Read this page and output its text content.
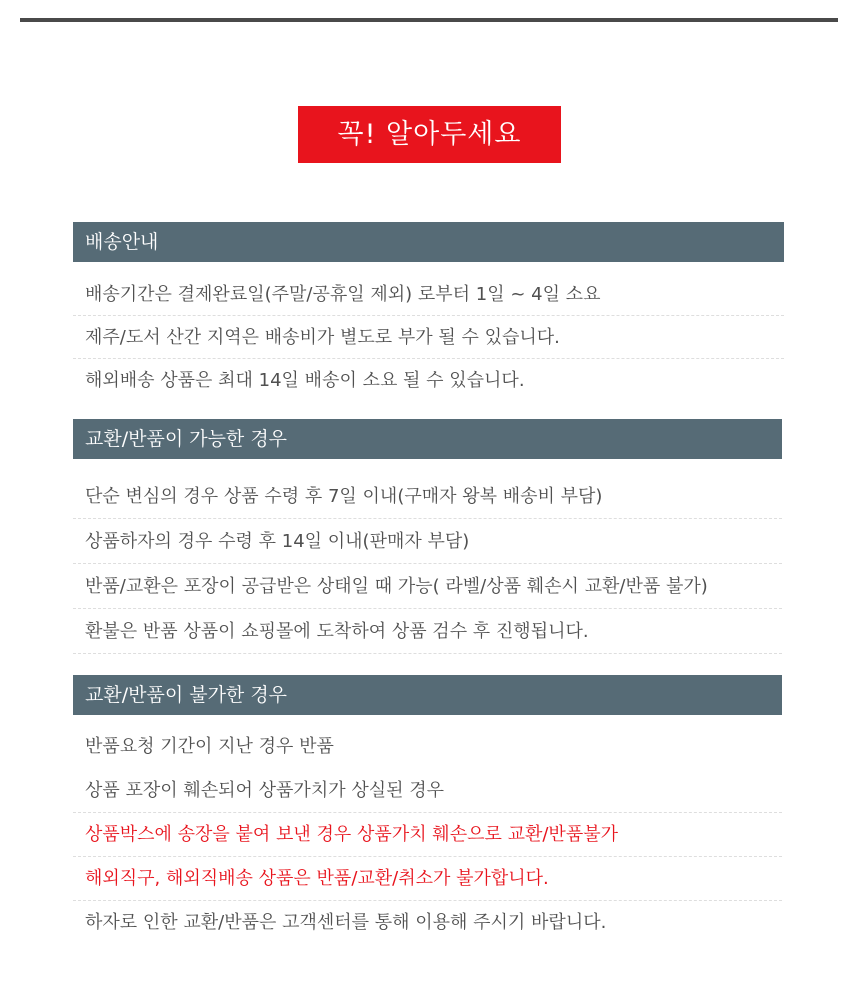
꼭! 알아두세요
배송안내
배송기간은 결제완료일(주말/공휴일 제외) 로부터 1일 ~ 4일 소요
제주/도서 산간 지역은 배송비가 별도로 부가 될 수 있습니다.
해외배송 상품은 최대 14일 배송이 소요 될 수 있습니다.
교환/반품이 가능한 경우
단순 변심의 경우 상품 수령 후 7일 이내(구매자 왕복 배송비 부담)
상품하자의 경우 수령 후 14일 이내(판매자 부담)
반품/교환은 포장이 공급받은 상태일 때 가능( 라벨/상품 훼손시 교환/반품 불가)
환불은 반품 상품이 쇼핑몰에 도착하여 상품 검수 후 진행됩니다.
교환/반품이 불가한 경우
반품요청 기간이 지난 경우 반품
상품 포장이 훼손되어 상품가치가 상실된 경우
상품박스에 송장을 붙여 보낸 경우 상품가치 훼손으로 교환/반품불가
해외직구, 해외직배송 상품은 반품/교환/취소가 불가합니다.
하자로 인한 교환/반품은 고객센터를 통해 이용해 주시기 바랍니다.
